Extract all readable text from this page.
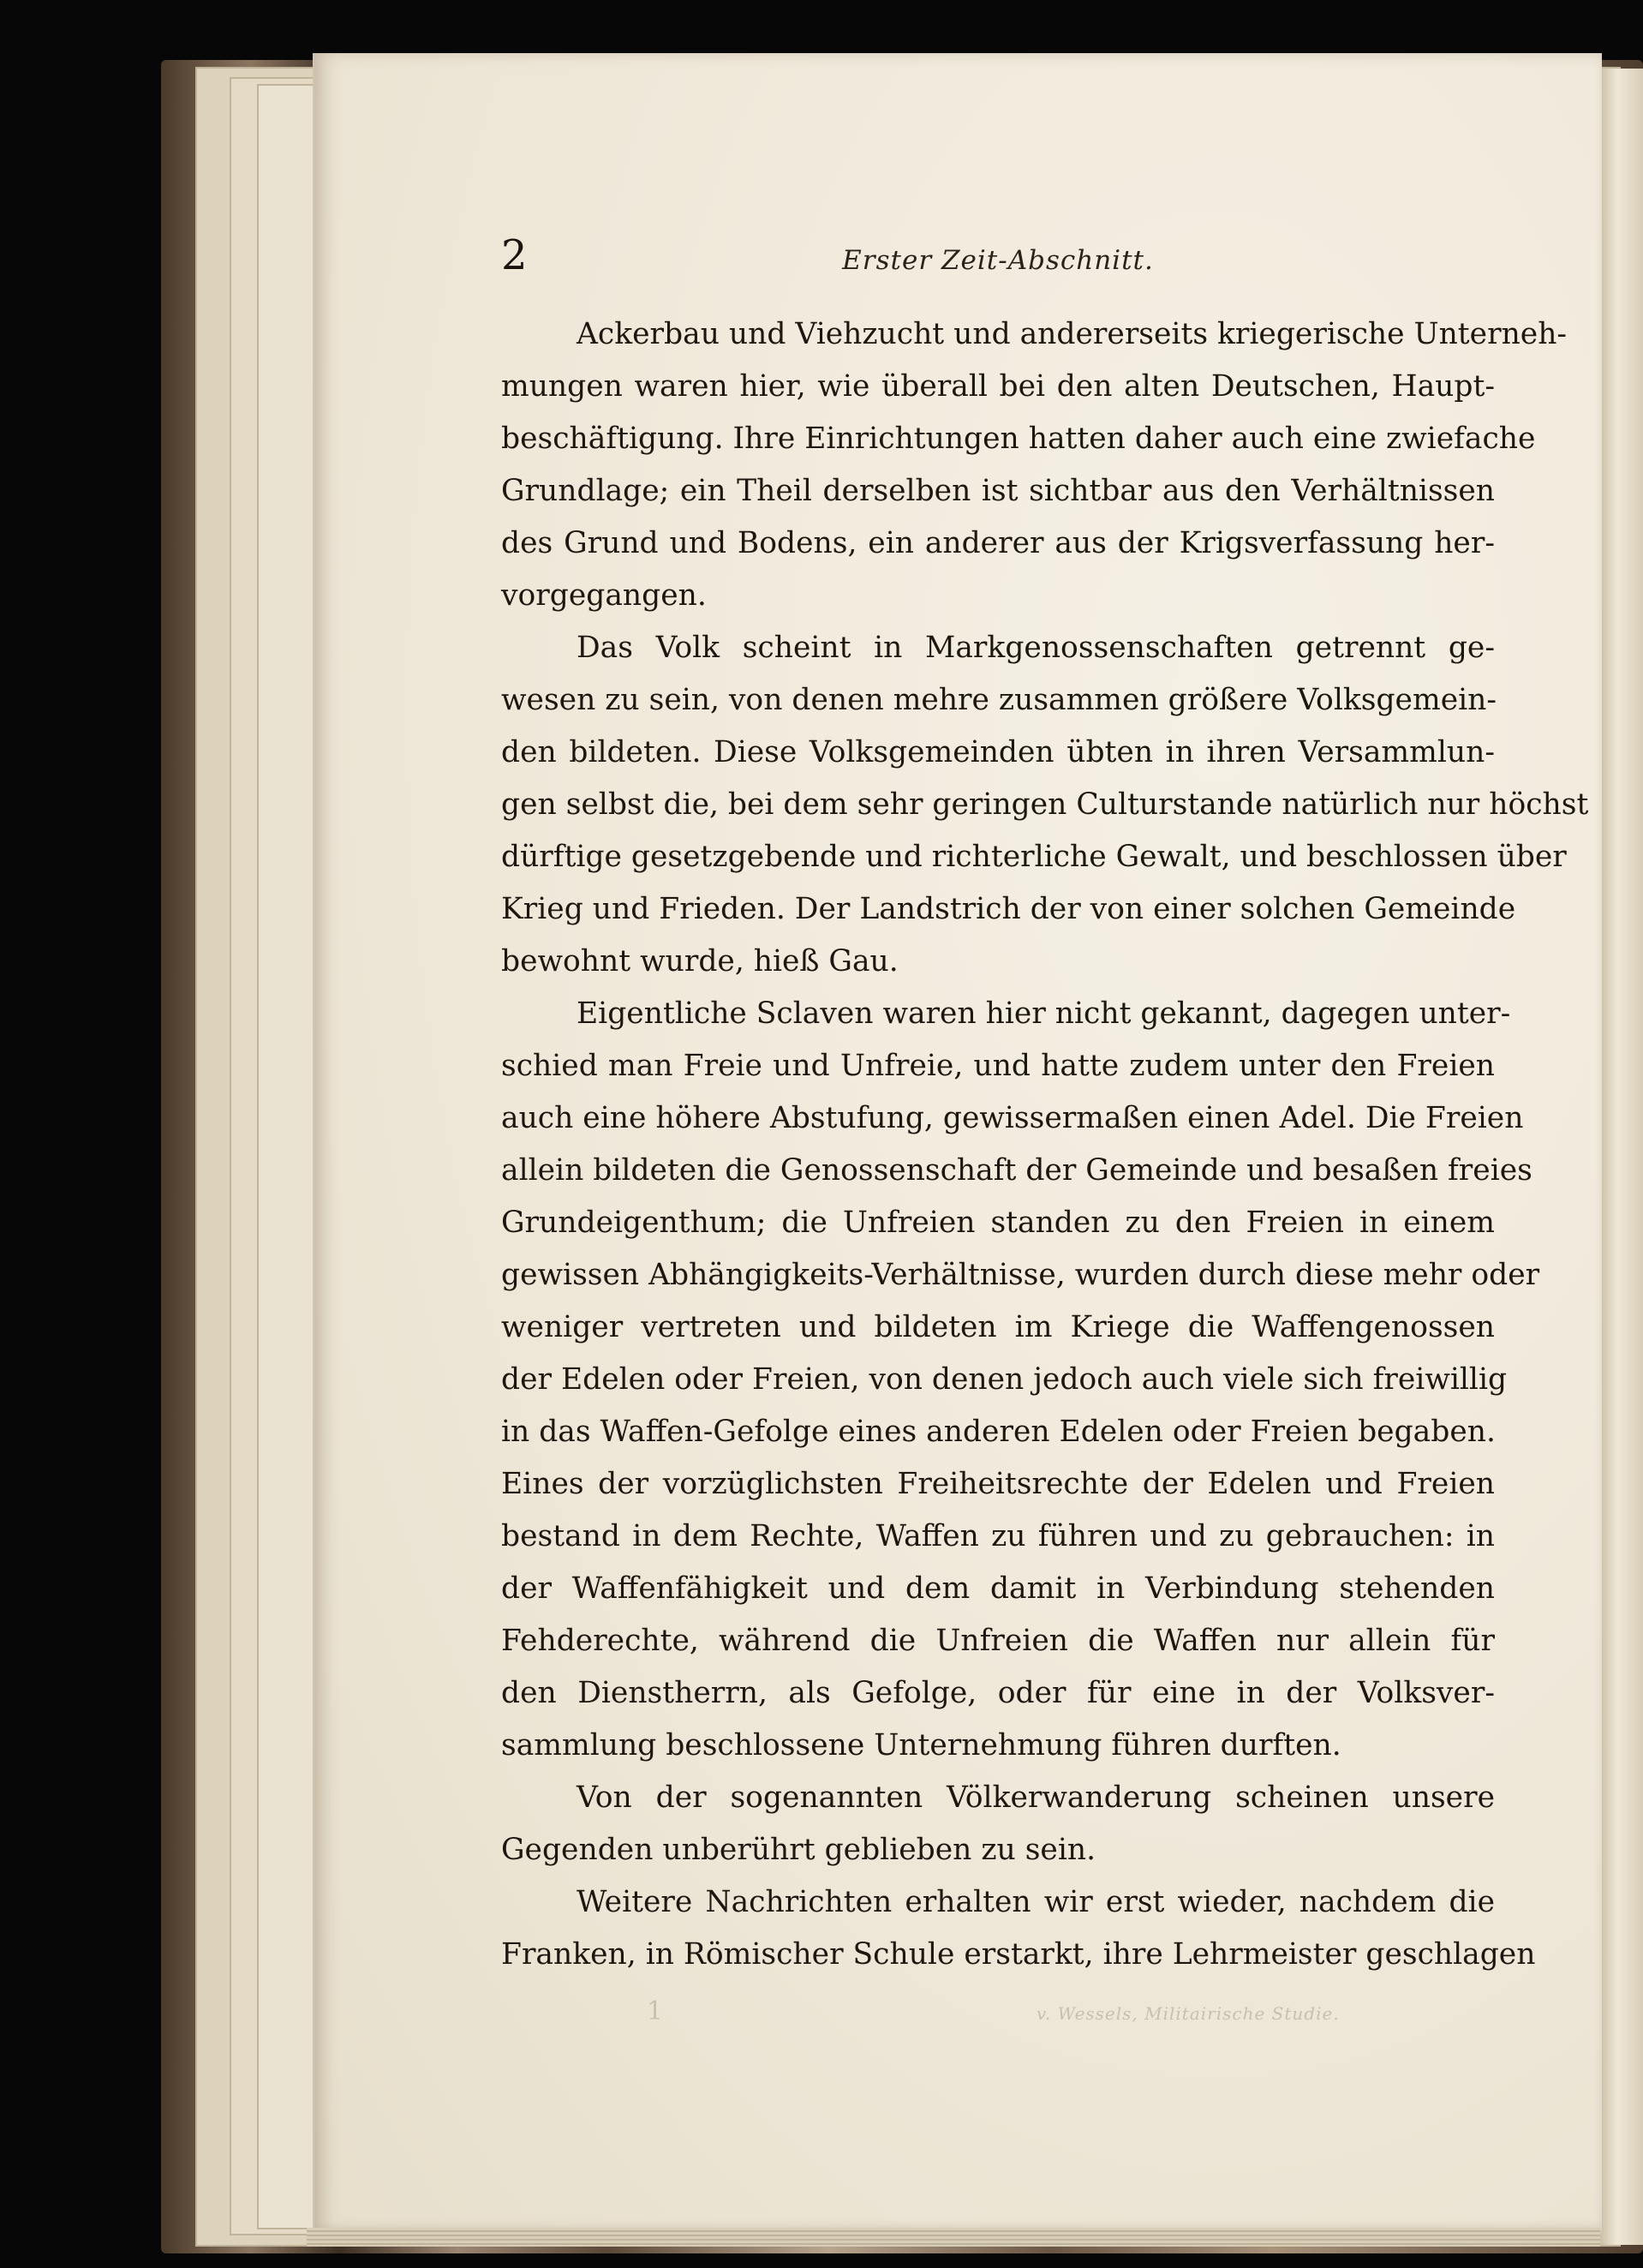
2	Erster Zeit-Abschnitt.
Ackerbau und Viehzucht und andererseits kriegerische Unterneh-
mungen waren hier, wie überall bei den alten Deutschen, Haupt-
beschäftigung. Ihre Einrichtungen hatten daher auch eine zwiefache
Grundlage; ein Theil derselben ist sichtbar aus den Verhältnissen
des Grund und Bodens, ein anderer aus der Krigsverfassung her-
vorgegangen.
Das Volk scheint in Markgenossenschaften getrennt ge-
wesen zu sein, von denen mehre zusammen größere Volksgemein-
den bildeten. Diese Volksgemeinden übten in ihren Versammlun-
gen selbst die, bei dem sehr geringen Culturstande natürlich nur höchst
dürftige gesetzgebende und richterliche Gewalt, und beschlossen über
Krieg und Frieden. Der Landstrich der von einer solchen Gemeinde
bewohnt wurde, hieß Gau.
Eigentliche Sclaven waren hier nicht gekannt, dagegen unter-
schied man Freie und Unfreie, und hatte zudem unter den Freien
auch eine höhere Abstufung, gewissermaßen einen Adel. Die Freien
allein bildeten die Genossenschaft der Gemeinde und besaßen freies
Grundeigenthum; die Unfreien standen zu den Freien in einem
gewissen Abhängigkeits-Verhältnisse, wurden durch diese mehr oder
weniger vertreten und bildeten im Kriege die Waffengenossen
der Edelen oder Freien, von denen jedoch auch viele sich freiwillig
in das Waffen-Gefolge eines anderen Edelen oder Freien begaben.
Eines der vorzüglichsten Freiheitsrechte der Edelen und Freien
bestand in dem Rechte, Waffen zu führen und zu gebrauchen: in
der Waffenfähigkeit und dem damit in Verbindung stehenden
Fehderechte, während die Unfreien die Waffen nur allein für
den Dienstherrn, als Gefolge, oder für eine in der Volksver-
sammlung beschlossene Unternehmung führen durften.
Von der sogenannten Völkerwanderung scheinen unsere
Gegenden unberührt geblieben zu sein.
Weitere Nachrichten erhalten wir erst wieder, nachdem die
Franken, in Römischer Schule erstarkt, ihre Lehrmeister geschlagen
1	v. Wessels, Militairische Studie.
